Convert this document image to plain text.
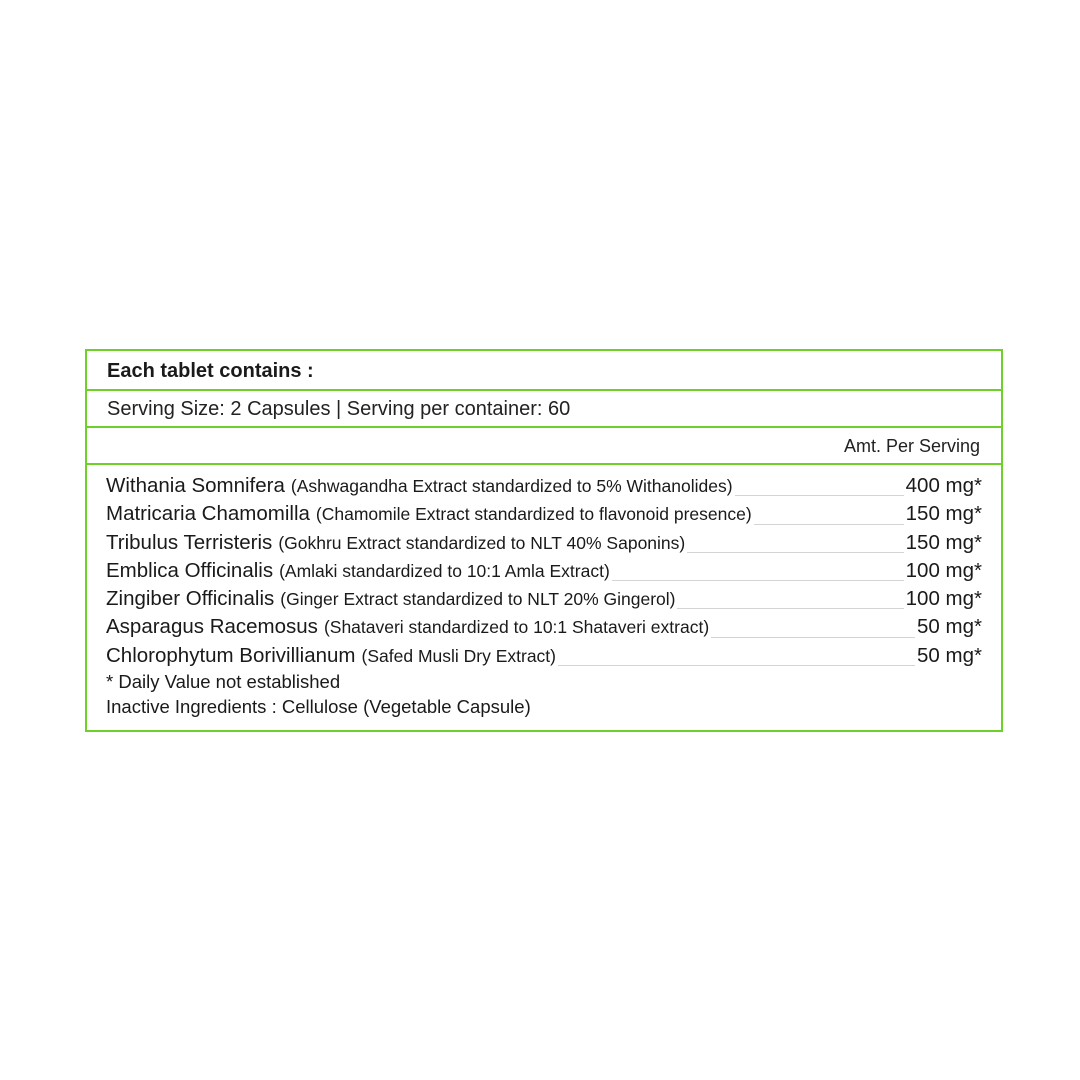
Each tablet contains :
Serving Size: 2 Capsules | Serving per container: 60
Amt. Per Serving
Withania Somnifera (Ashwagandha Extract standardized to 5% Withanolides)	400 mg*
Matricaria Chamomilla (Chamomile Extract standardized to flavonoid presence)	150 mg*
Tribulus Terristeris (Gokhru Extract standardized to NLT 40% Saponins)	150 mg*
Emblica Officinalis (Amlaki standardized to 10:1 Amla Extract)	100 mg*
Zingiber Officinalis (Ginger Extract standardized to NLT 20% Gingerol)	100 mg*
Asparagus Racemosus (Shataveri standardized to 10:1 Shataveri extract)	50 mg*
Chlorophytum Borivillianum (Safed Musli Dry Extract)	50 mg*
* Daily Value not established
Inactive Ingredients : Cellulose (Vegetable Capsule)
